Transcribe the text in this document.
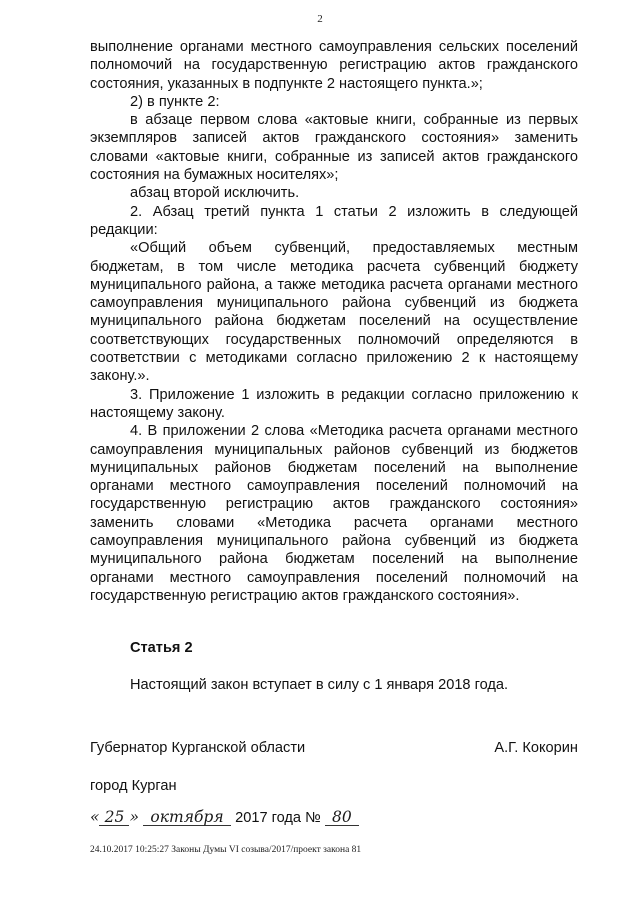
2

выполнение органами местного самоуправления сельских поселений полномочий на государственную регистрацию актов гражданского состояния, указанных в подпункте 2 настоящего пункта.»;

2) в пункте 2:

в абзаце первом слова «актовые книги, собранные из первых экземпляров записей актов гражданского состояния» заменить словами «актовые книги, собранные из записей актов гражданского состояния на бумажных носителях»;

абзац второй исключить.

2. Абзац третий пункта 1 статьи 2 изложить в следующей редакции:

«Общий объем субвенций, предоставляемых местным бюджетам, в том числе методика расчета субвенций бюджету муниципального района, а также методика расчета органами местного самоуправления муниципального района субвенций из бюджета муниципального района бюджетам поселений на осуществление соответствующих государственных полномочий определяются в соответствии с методиками согласно приложению 2 к настоящему закону.».

3. Приложение 1 изложить в редакции согласно приложению к настоящему закону.

4. В приложении 2 слова «Методика расчета органами местного самоуправления муниципальных районов субвенций из бюджетов муниципальных районов бюджетам поселений на выполнение органами местного самоуправления поселений полномочий на государственную регистрацию актов гражданского состояния» заменить словами «Методика расчета органами местного самоуправления муниципального района субвенций из бюджета муниципального района бюджетам поселений на выполнение органами местного самоуправления поселений полномочий на государственную регистрацию актов гражданского состояния».

Статья 2
Настоящий закон вступает в силу с 1 января 2018 года.
Губернатор Курганской области	А.Г. Кокорин
город Курган
« 25 » октября 2017 года № 80
24.10.2017 10:25:27 Законы Думы VI созыва/2017/проект закона 81
